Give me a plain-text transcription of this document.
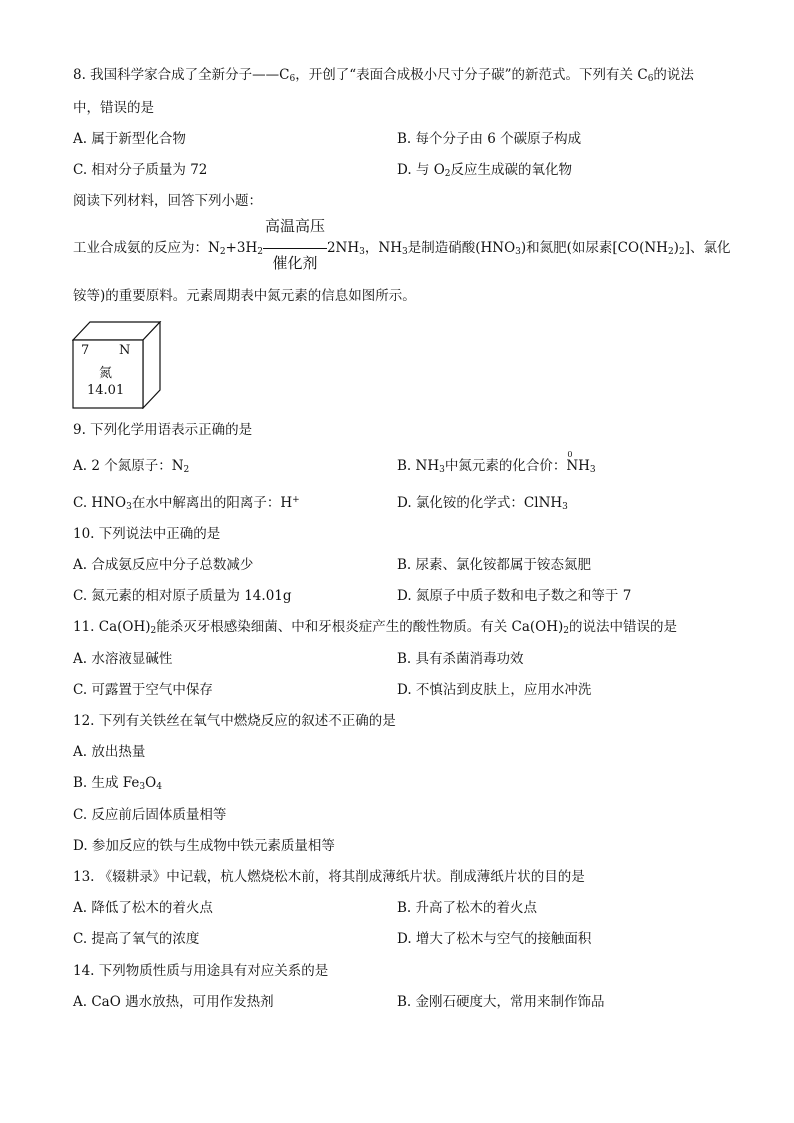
8. 我国科学家合成了全新分子$——C_6$，开创了“表面合成极小尺寸分子碳”的新范式。下列有关 $C_6$的说法
中，错误的是
A. 属于新型化合物	B. 每个分子由 6 个碳原子构成
C. 相对分子质量为 72	D. 与 $O_2$反应生成碳的氧化物
阅读下列材料，回答下列小题：
工业合成氨的反应为：$N_2+3H_2$
高温高压
催化剂
$2NH_3$，$NH_3$是制造硝酸$(HNO_3)$和氮肥(如尿素$[CO(NH_2)_2]$、氯化
铵等)的重要原料。元素周期表中氮元素的信息如图所示。
7 N
氮
14.01
9. 下列化学用语表示正确的是
A. 2 个氮原子：$N_2$	B. $NH_3$中氮元素的化合价：
0
$NH_3$
C. $HNO_3$在水中解离出的阳离子：H+	D. 氯化铵的化学式：ClNH$_3$
10. 下列说法中正确的是
A. 合成氨反应中分子总数减少	B. 尿素、氯化铵都属于铵态氮肥
C. 氮元素的相对原子质量为 14.01g	D. 氮原子中质子数和电子数之和等于 7
11. $Ca(OH)_2$能杀灭牙根感染细菌、中和牙根炎症产生的酸性物质。有关 $Ca(OH)_2$的说法中错误的是
A. 水溶液显碱性	B. 具有杀菌消毒功效
C. 可露置于空气中保存	D. 不慎沾到皮肤上，应用水冲洗
12. 下列有关铁丝在氧气中燃烧反应的叙述不正确的是
A. 放出热量
B. 生成 $Fe_3O_4$
C. 反应前后固体质量相等
D. 参加反应的铁与生成物中铁元素质量相等
13. 《辍耕录》中记载，杭人燃烧松木前，将其削成薄纸片状。削成薄纸片状的目的是
A. 降低了松木的着火点	B. 升高了松木的着火点
C. 提高了氧气的浓度	D. 增大了松木与空气的接触面积
14. 下列物质性质与用途具有对应关系的是
A. CaO 遇水放热，可用作发热剂	B. 金刚石硬度大，常用来制作饰品
